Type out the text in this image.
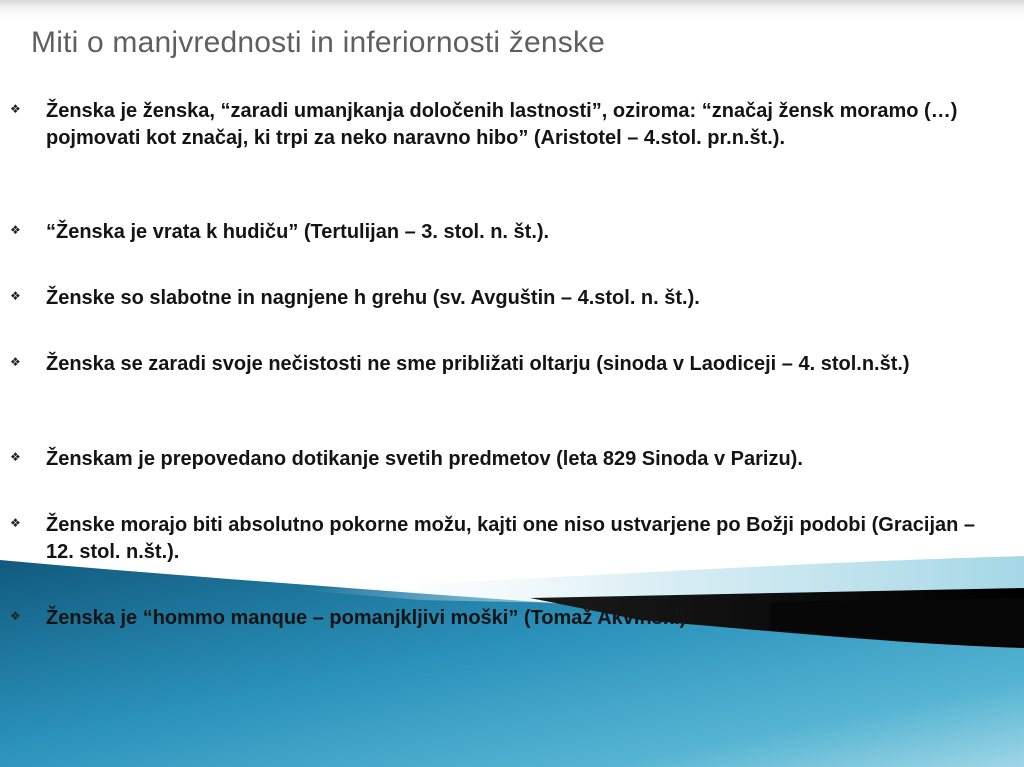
Miti o manjvrednosti in inferiornosti ženske
❖ Ženska je ženska, “zaradi umanjkanja določenih lastnosti”, oziroma: “značaj žensk moramo (…) pojmovati kot značaj, ki trpi za neko naravno hibo” (Aristotel – 4.stol. pr.n.št.).
❖ “Ženska je vrata k hudiču” (Tertulijan – 3. stol. n. št.).
❖ Ženske so slabotne in nagnjene h grehu (sv. Avguštin – 4.stol. n. št.).
❖ Ženska se zaradi svoje nečistosti ne sme približati oltarju (sinoda v Laodiceji – 4. stol.n.št.)
❖ Ženskam je prepovedano dotikanje svetih predmetov (leta 829 Sinoda v Parizu).
❖ Ženske morajo biti absolutno pokorne možu, kajti one niso ustvarjene po Božji podobi (Gracijan – 12. stol. n.št.).
❖ Ženska je “hommo manque – pomanjkljivi moški” (Tomaž Akvinski).
